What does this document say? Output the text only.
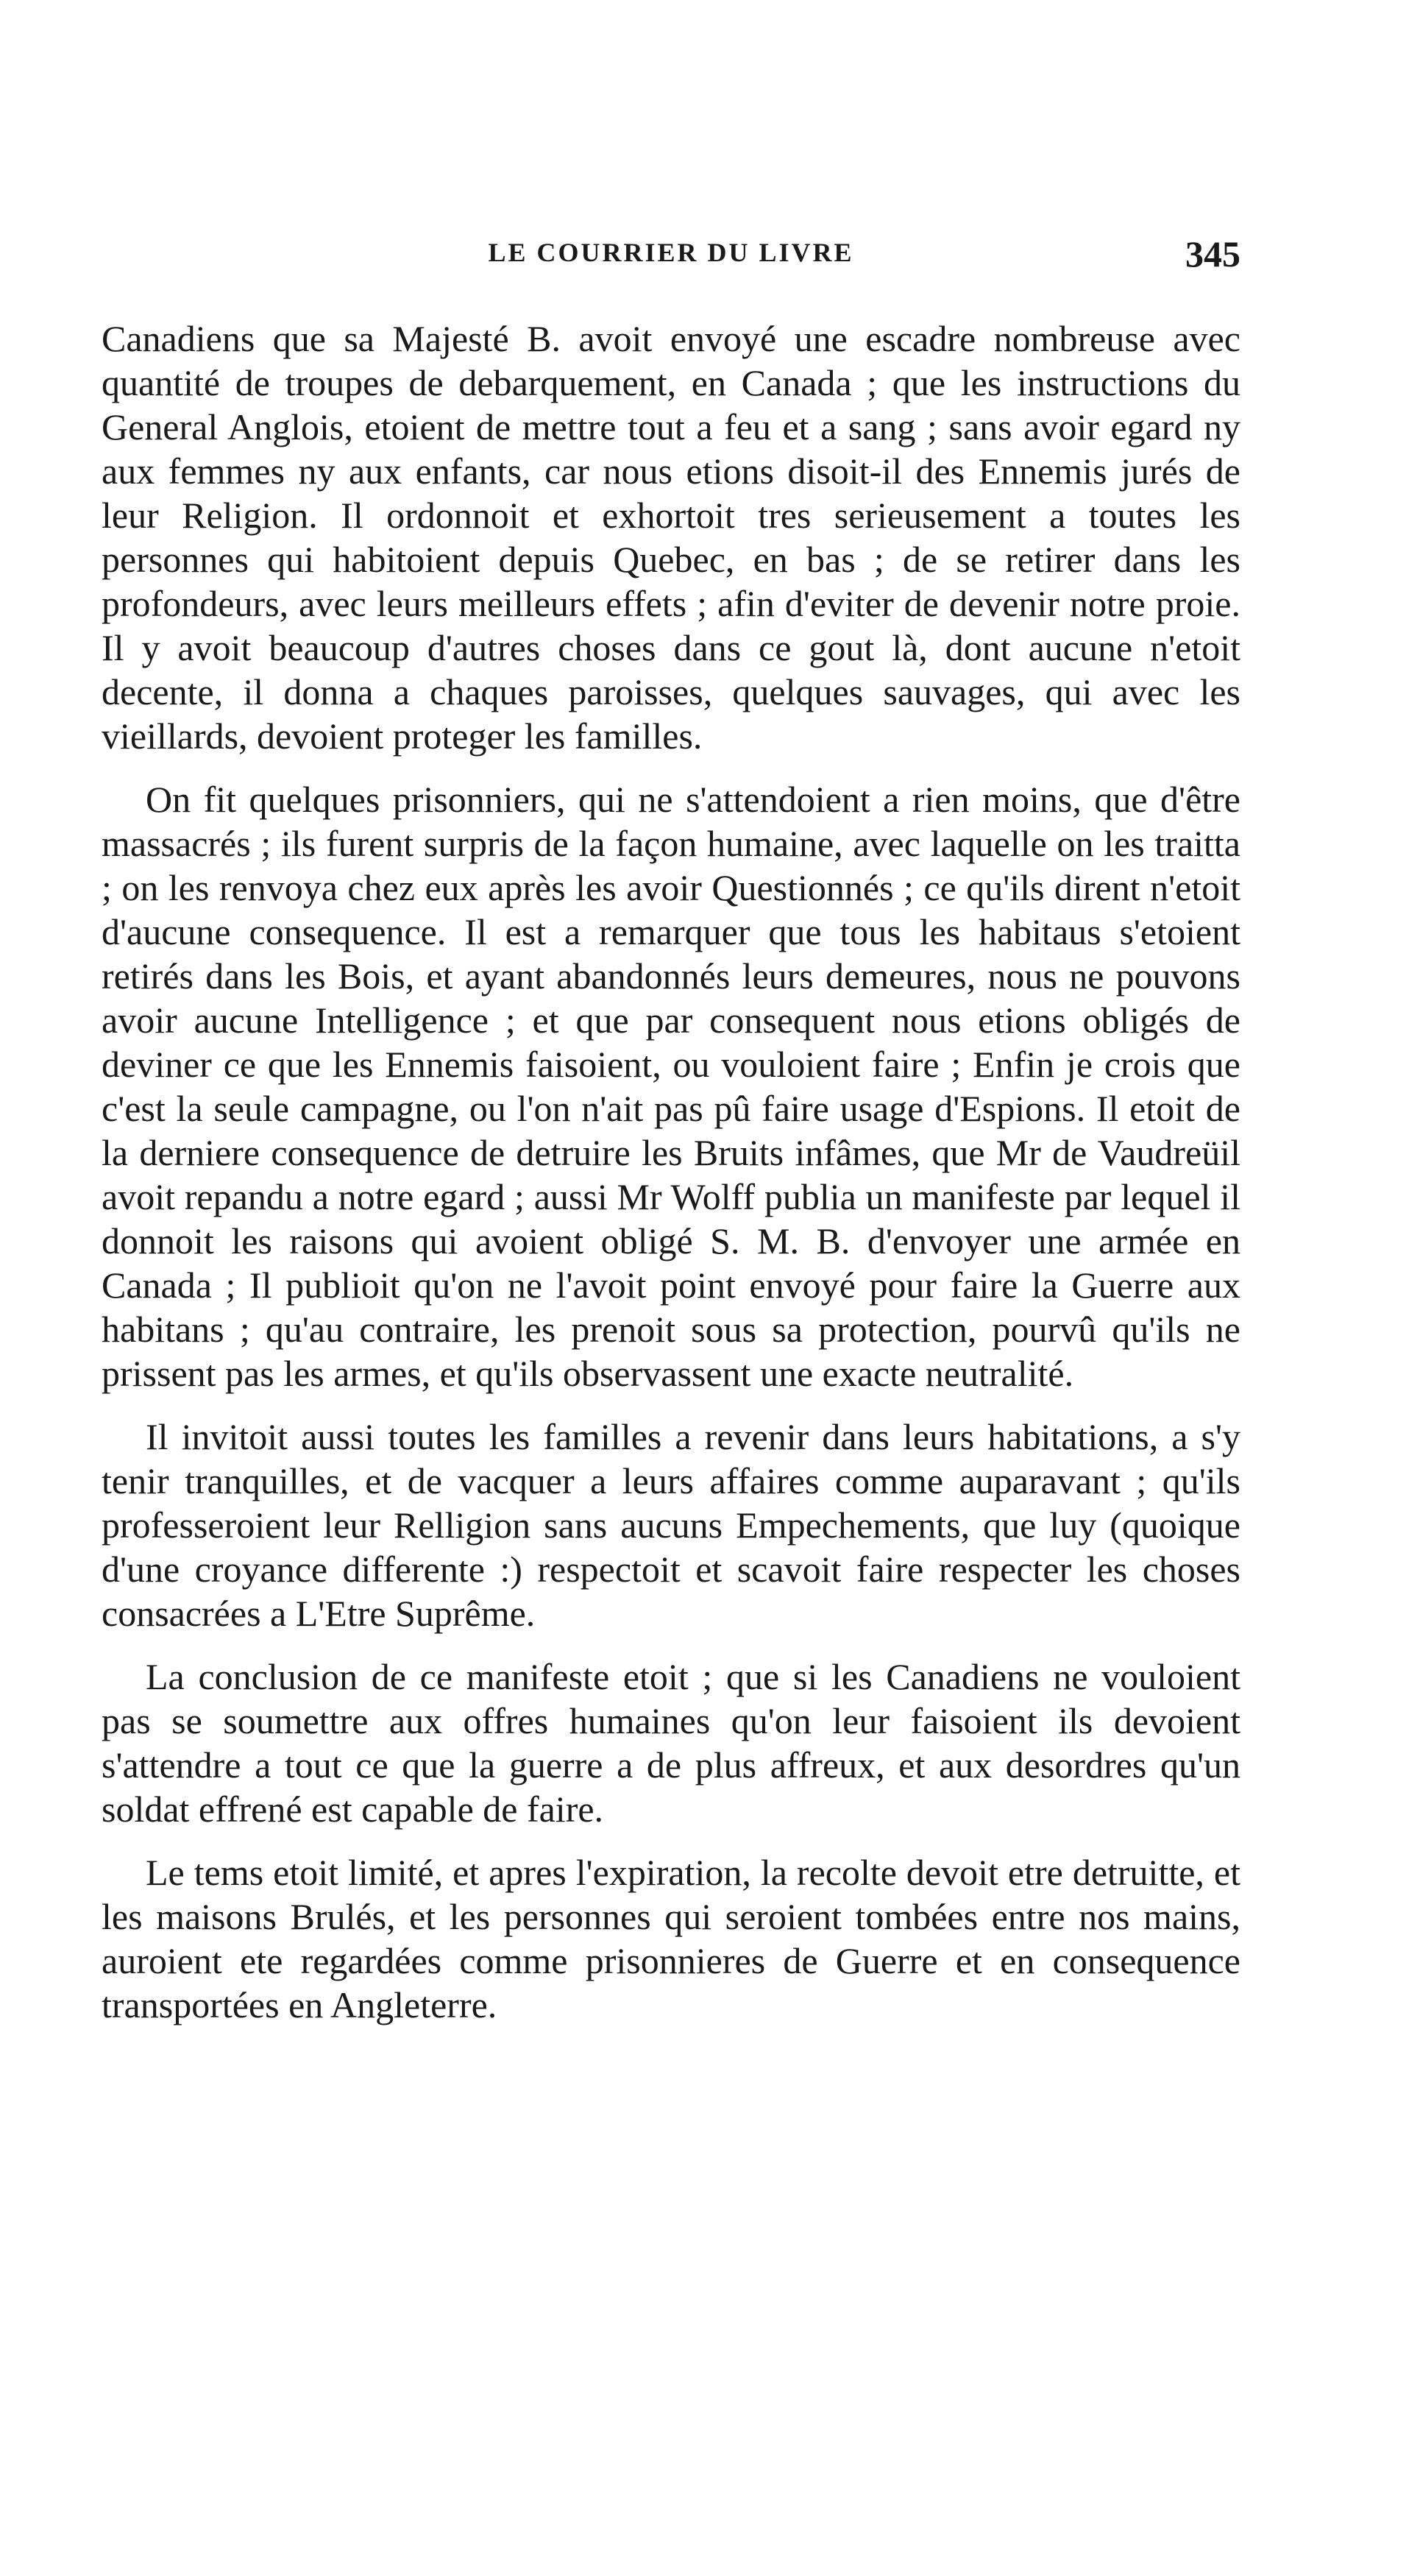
LE COURRIER DU LIVRE	345

Canadiens que sa Majesté B. avoit envoyé une escadre nombreuse avec quantité de troupes de debarquement, en Canada ; que les instructions du General Anglois, etoient de mettre tout a feu et a sang ; sans avoir egard ny aux femmes ny aux enfants, car nous etions disoit-il des Ennemis jurés de leur Religion. Il ordonnoit et exhortoit tres serieusement a toutes les personnes qui habitoient depuis Quebec, en bas ; de se retirer dans les profondeurs, avec leurs meilleurs effets ; afin d'eviter de devenir notre proie. Il y avoit beaucoup d'autres choses dans ce gout là, dont aucune n'etoit decente, il donna a chaques paroisses, quelques sauvages, qui avec les vieillards, devoient proteger les familles.

On fit quelques prisonniers, qui ne s'attendoient a rien moins, que d'être massacrés ; ils furent surpris de la façon humaine, avec laquelle on les traitta ; on les renvoya chez eux après les avoir Questionnés ; ce qu'ils dirent n'etoit d'aucune consequence. Il est a remarquer que tous les habitaus s'etoient retirés dans les Bois, et ayant abandonnés leurs demeures, nous ne pouvons avoir aucune Intelligence ; et que par consequent nous etions obligés de deviner ce que les Ennemis faisoient, ou vouloient faire ; Enfin je crois que c'est la seule campagne, ou l'on n'ait pas pû faire usage d'Espions. Il etoit de la derniere consequence de detruire les Bruits infâmes, que Mr de Vaudreüil avoit repandu a notre egard ; aussi Mr Wolff publia un manifeste par lequel il donnoit les raisons qui avoient obligé S. M. B. d'envoyer une armée en Canada ; Il publioit qu'on ne l'avoit point envoyé pour faire la Guerre aux habitans ; qu'au contraire, les prenoit sous sa protection, pourvû qu'ils ne prissent pas les armes, et qu'ils observassent une exacte neutralité.

Il invitoit aussi toutes les familles a revenir dans leurs habitations, a s'y tenir tranquilles, et de vacquer a leurs affaires comme auparavant ; qu'ils professeroient leur Relligion sans aucuns Empechements, que luy (quoique d'une croyance differente :) respectoit et scavoit faire respecter les choses consacrées a L'Etre Suprême.

La conclusion de ce manifeste etoit ; que si les Canadiens ne vouloient pas se soumettre aux offres humaines qu'on leur faisoient ils devoient s'attendre a tout ce que la guerre a de plus affreux, et aux desordres qu'un soldat effrené est capable de faire.

Le tems etoit limité, et apres l'expiration, la recolte devoit etre detruitte, et les maisons Brulés, et les personnes qui seroient tombées entre nos mains, auroient ete regardées comme prisonnieres de Guerre et en consequence transportées en Angleterre.
